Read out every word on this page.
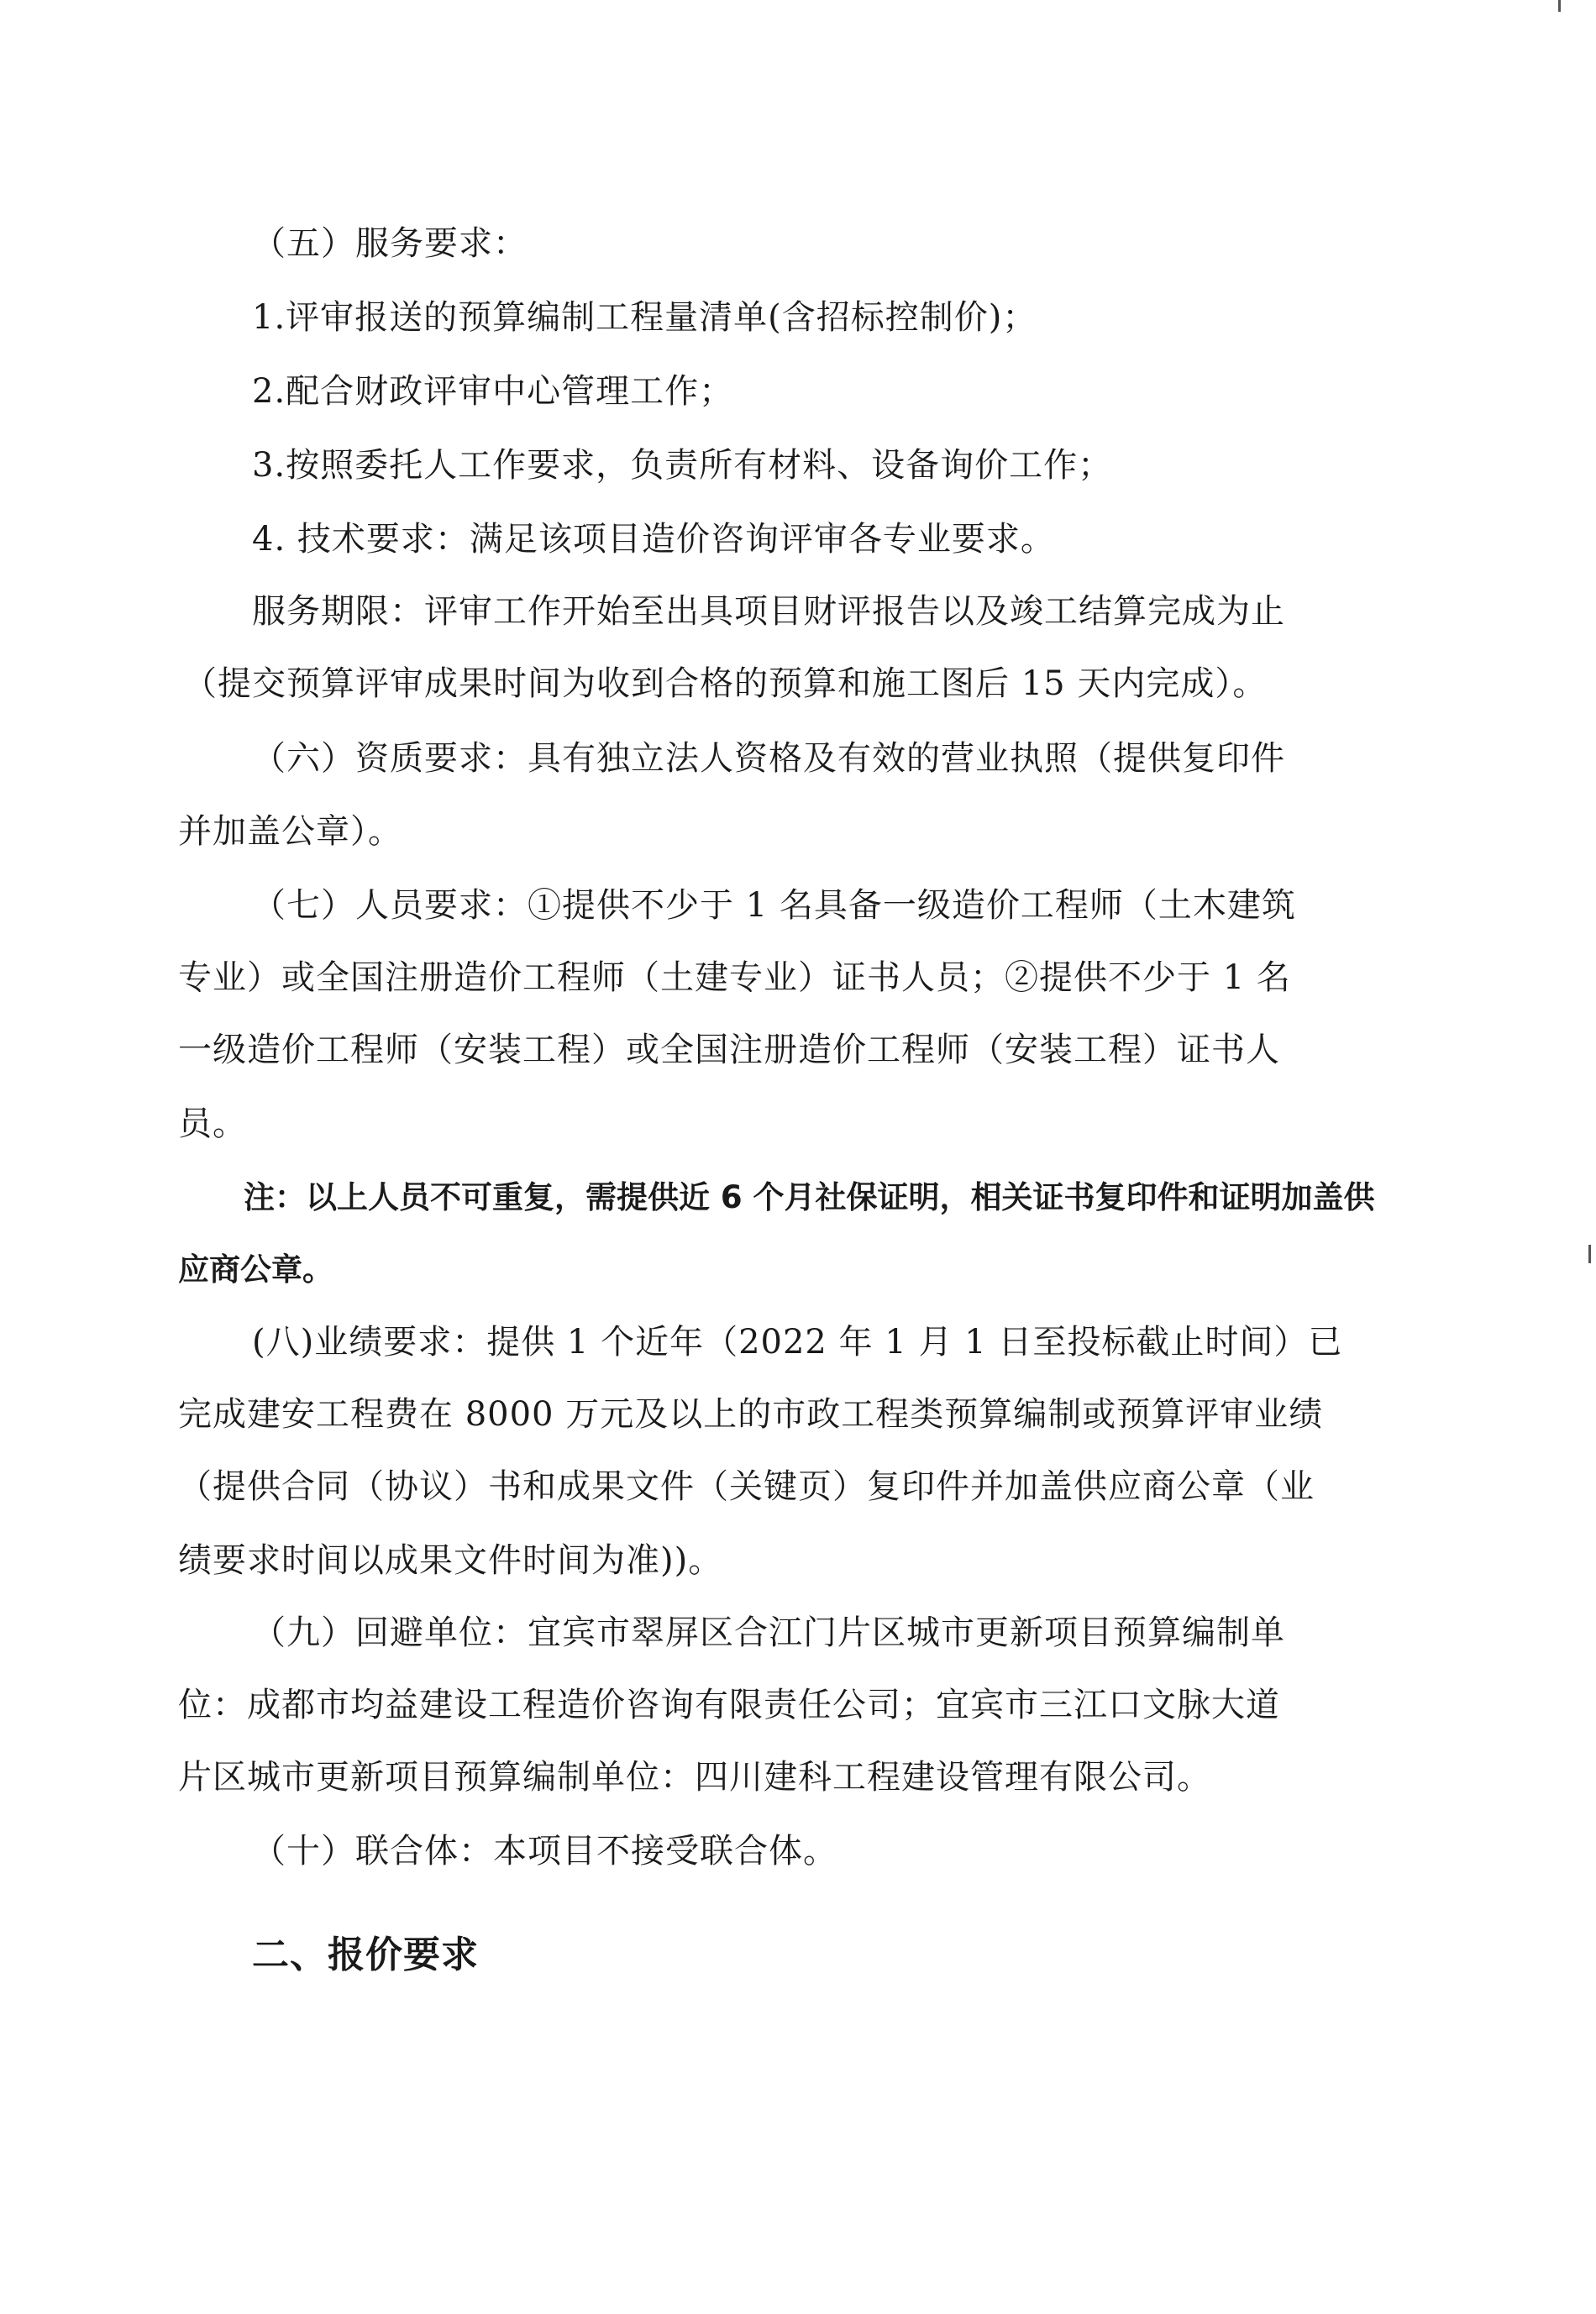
（五）服务要求：
1.评审报送的预算编制工程量清单(含招标控制价)；
2.配合财政评审中心管理工作；
3.按照委托人工作要求，负责所有材料、设备询价工作；
4. 技术要求：满足该项目造价咨询评审各专业要求。
服务期限：评审工作开始至出具项目财评报告以及竣工结算完成为止
（提交预算评审成果时间为收到合格的预算和施工图后 15 天内完成）。
（六）资质要求：具有独立法人资格及有效的营业执照（提供复印件
并加盖公章）。
（七）人员要求：①提供不少于 1 名具备一级造价工程师（土木建筑
专业）或全国注册造价工程师（土建专业）证书人员；②提供不少于 1 名
一级造价工程师（安装工程）或全国注册造价工程师（安装工程）证书人
员。
注：以上人员不可重复，需提供近 6 个月社保证明，相关证书复印件和证明加盖供
应商公章。
(八)业绩要求：提供 1 个近年（2022 年 1 月 1 日至投标截止时间）已
完成建安工程费在 8000 万元及以上的市政工程类预算编制或预算评审业绩
（提供合同（协议）书和成果文件（关键页）复印件并加盖供应商公章（业
绩要求时间以成果文件时间为准))。
（九）回避单位：宜宾市翠屏区合江门片区城市更新项目预算编制单
位：成都市均益建设工程造价咨询有限责任公司；宜宾市三江口文脉大道
片区城市更新项目预算编制单位：四川建科工程建设管理有限公司。
（十）联合体：本项目不接受联合体。
二、报价要求
